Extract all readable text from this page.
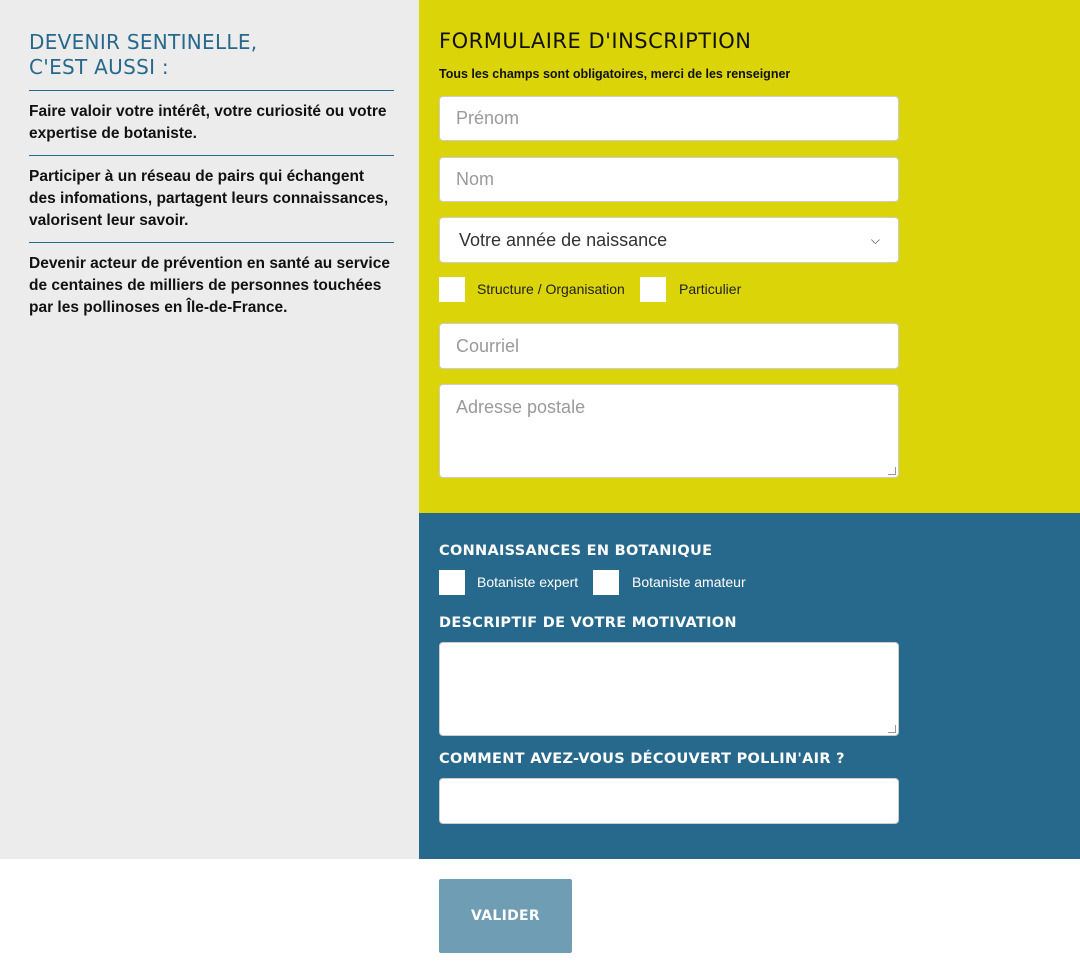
DEVENIR SENTINELLE,
C'EST AUSSI :
Faire valoir votre intérêt, votre curiosité ou votre expertise de botaniste.
Participer à un réseau de pairs qui échangent des infomations, partagent leurs connaissances, valorisent leur savoir.
Devenir acteur de prévention en santé au service de centaines de milliers de personnes touchées par les pollinoses en Île-de-France.
FORMULAIRE D'INSCRIPTION
Tous les champs sont obligatoires, merci de les renseigner
Prénom
Nom
Votre année de naissance	⌵
Structure / Organisation	Particulier
Courriel
Adresse postale
CONNAISSANCES EN BOTANIQUE
Botaniste expert	Botaniste amateur
DESCRIPTIF DE VOTRE MOTIVATION
COMMENT AVEZ-VOUS DÉCOUVERT POLLIN'AIR ?
VALIDER
